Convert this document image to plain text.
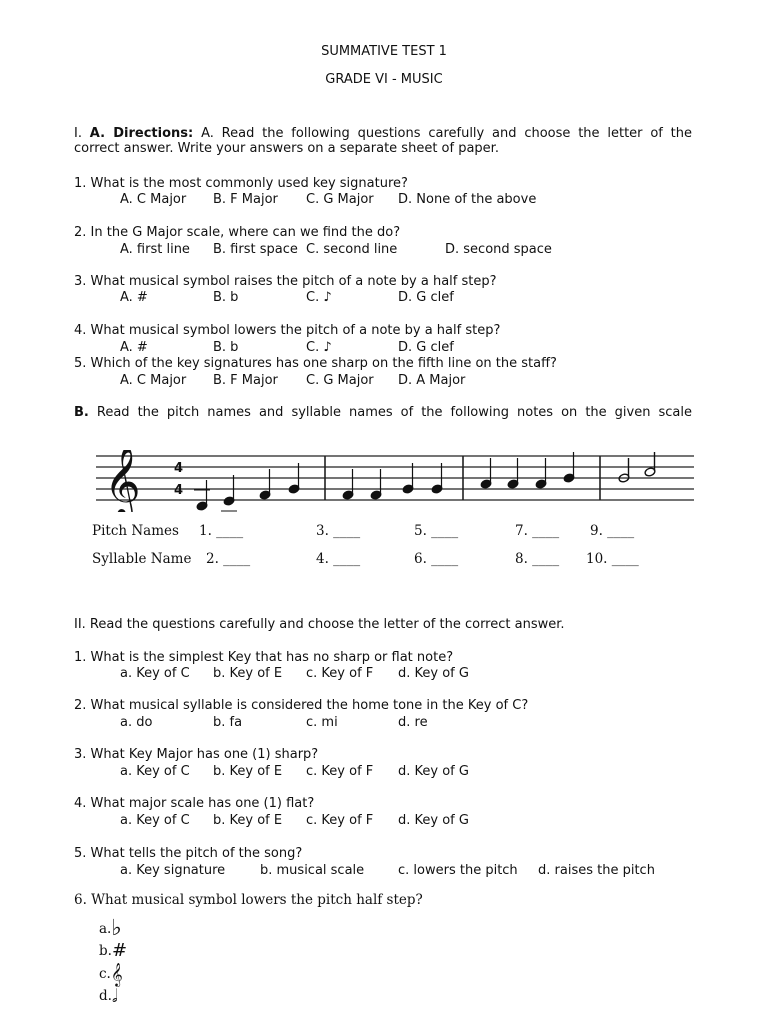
SUMMATIVE TEST 1
GRADE VI - MUSIC
I. A. Directions: A. Read the following questions carefully and choose the letter of the
correct answer. Write your answers on a separate sheet of paper.
1. What is the most commonly used key signature?
A. C Major B. F Major C. G Major D. None of the above
2. In the G Major scale, where can we find the do?
A. first line B. first space C. second line	D. second space
3. What musical symbol raises the pitch of a note by a half step?
A. #	B. b	C. ♪	D. G clef
4. What musical symbol lowers the pitch of a note by a half step?
A. #	B. b	C. ♪	D. G clef
5. Which of the key signatures has one sharp on the fifth line on the staff?
A. C Major B. F Major C. G Major D. A Major
B. Read the pitch names and syllable names of the following notes on the given scale
𝄞	4
4
Pitch Names 1. ____	3. ____	5. ____	7. ____ 9. ____
Syllable Name 2. ____	4. ____	6. ____	8. ____ 10. ____
II. Read the questions carefully and choose the letter of the correct answer.
1. What is the simplest Key that has no sharp or flat note?
a. Key of C b. Key of E c. Key of F d. Key of G
2. What musical syllable is considered the home tone in the Key of C?
a. do	b. fa	c. mi	d. re
3. What Key Major has one (1) sharp?
a. Key of C b. Key of E c. Key of F d. Key of G
4. What major scale has one (1) flat?
a. Key of C b. Key of E c. Key of F d. Key of G
5. What tells the pitch of the song?
a. Key signature	b. musical scale	c. lowers the pitch d. raises the pitch
6. What musical symbol lowers the pitch half step?
a.♭
b.#
c.𝄞
d.𝅗𝅥
